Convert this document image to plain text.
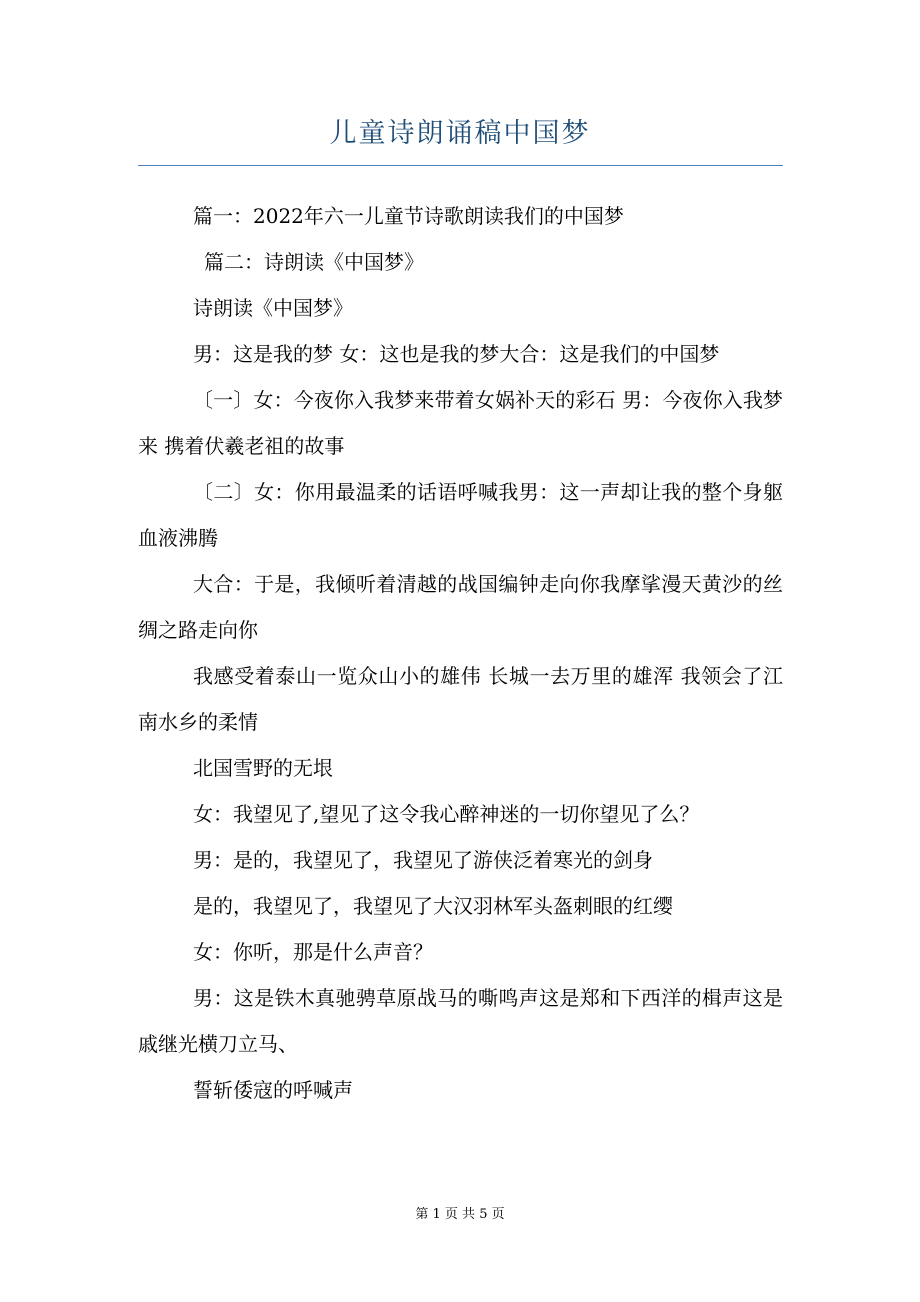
儿童诗朗诵稿中国梦

篇一：2022年六一儿童节诗歌朗读我们的中国梦

篇二：诗朗读《中国梦》

诗朗读《中国梦》

男：这是我的梦 女：这也是我的梦大合：这是我们的中国梦

〔一〕女：今夜你入我梦来带着女娲补天的彩石 男：今夜你入我梦来 携着伏羲老祖的故事

〔二〕女：你用最温柔的话语呼喊我男：这一声却让我的整个身躯血液沸腾

大合：于是，我倾听着清越的战国编钟走向你我摩挲漫天黄沙的丝绸之路走向你

我感受着泰山一览众山小的雄伟 长城一去万里的雄浑 我领会了江南水乡的柔情

北国雪野的无垠

女：我望见了,望见了这令我心醉神迷的一切你望见了么？

男：是的，我望见了，我望见了游侠泛着寒光的剑身

是的，我望见了，我望见了大汉羽林军头盔刺眼的红缨

女：你听，那是什么声音？

男：这是铁木真驰骋草原战马的嘶鸣声这是郑和下西洋的楫声这是戚继光横刀立马、

誓斩倭寇的呼喊声

第 1 页 共 5 页
